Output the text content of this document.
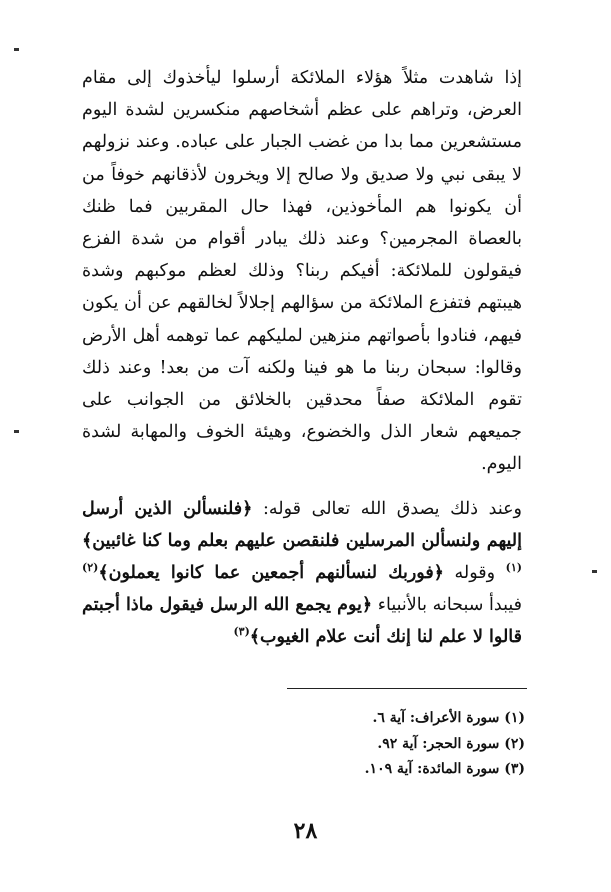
إذا شاهدت مثلاً هؤلاء الملائكة أرسلوا ليأخذوك إلى مقام العرض، وتراهم على عظم أشخاصهم منكسرين لشدة اليوم مستشعرين مما بدا من غضب الجبار على عباده. وعند نزولهم لا يبقى نبي ولا صديق ولا صالح إلا ويخرون لأذقانهم خوفاً من أن يكونوا هم المأخوذين، فهذا حال المقربين فما ظنك بالعصاة المجرمين؟ وعند ذلك يبادر أقوام من شدة الفزع فيقولون للملائكة: أفيكم ربنا؟ وذلك لعظم موكبهم وشدة هيبتهم فتفزع الملائكة من سؤالهم إجلالاً لخالقهم عن أن يكون فيهم، فنادوا بأصواتهم منزهين لمليكهم عما توهمه أهل الأرض وقالوا: سبحان ربنا ما هو فينا ولكنه آت من بعد! وعند ذلك تقوم الملائكة صفاً محدقين بالخلائق من الجوانب على جميعهم شعار الذل والخضوع، وهيئة الخوف والمهابة لشدة اليوم.

وعند ذلك يصدق الله تعالى قوله: ﴿فلنسألن الذين أرسل إليهم ولنسألن المرسلين فلنقصن عليهم بعلم وما كنا غائبين﴾$^{(١)}$ وقوله ﴿فوربك لنسألنهم أجمعين عما كانوا يعملون﴾$^{(٢)}$ فيبدأ سبحانه بالأنبياء ﴿يوم يجمع الله الرسل فيقول ماذا أجبتم قالوا لا علم لنا إنك أنت علام الغيوب﴾$^{(٣)}$

(١) سورة الأعراف: آية ٦.
(٢) سورة الحجر: آية ٩٢.
(٣) سورة المائدة: آية ١٠٩.
٢٨
